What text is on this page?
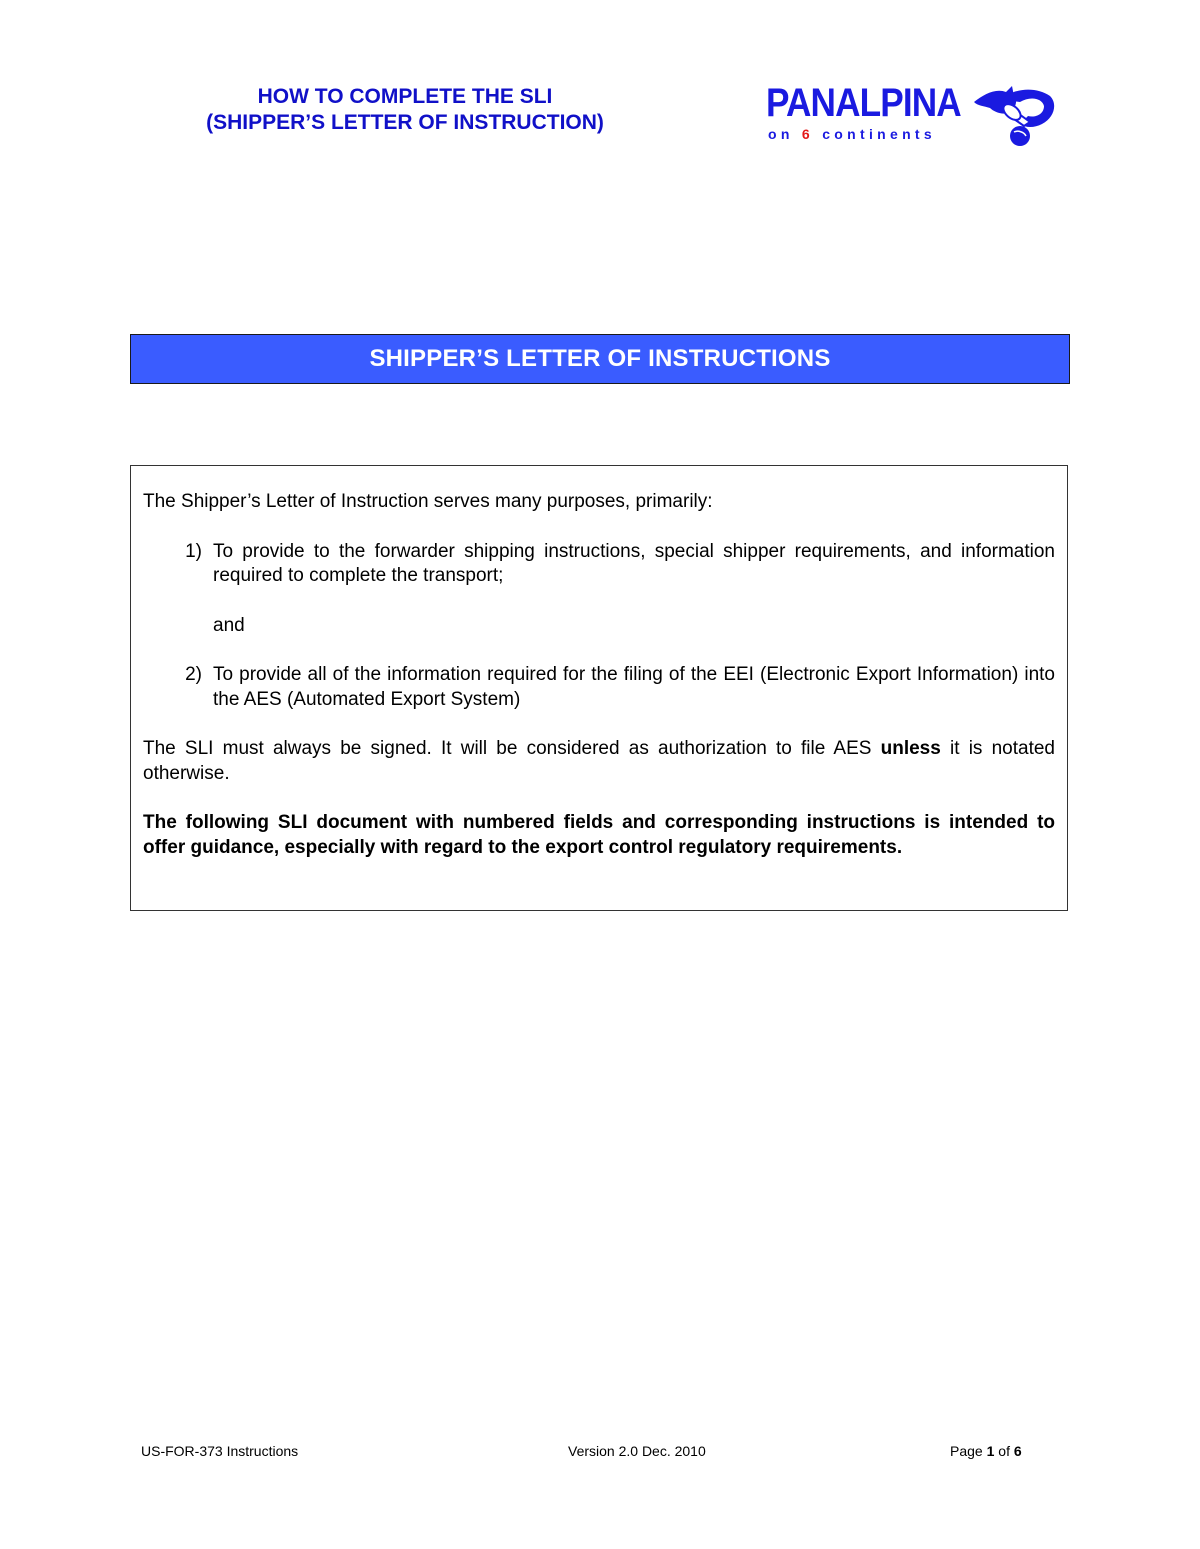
HOW TO COMPLETE THE SLI
(SHIPPER’S LETTER OF INSTRUCTION)	PANALPINA
on 6 continents
SHIPPER’S LETTER OF INSTRUCTIONS

The Shipper’s Letter of Instruction serves many purposes, primarily:

1) To provide to the forwarder shipping instructions, special shipper requirements, and information required to complete the transport;

and

2) To provide all of the information required for the filing of the EEI (Electronic Export Information) into the AES (Automated Export System)

The SLI must always be signed. It will be considered as authorization to file AES unless it is notated otherwise.

The following SLI document with numbered fields and corresponding instructions is intended to offer guidance, especially with regard to the export control regulatory requirements.

US-FOR-373 Instructions	Version 2.0 Dec. 2010	Page 1 of 6
